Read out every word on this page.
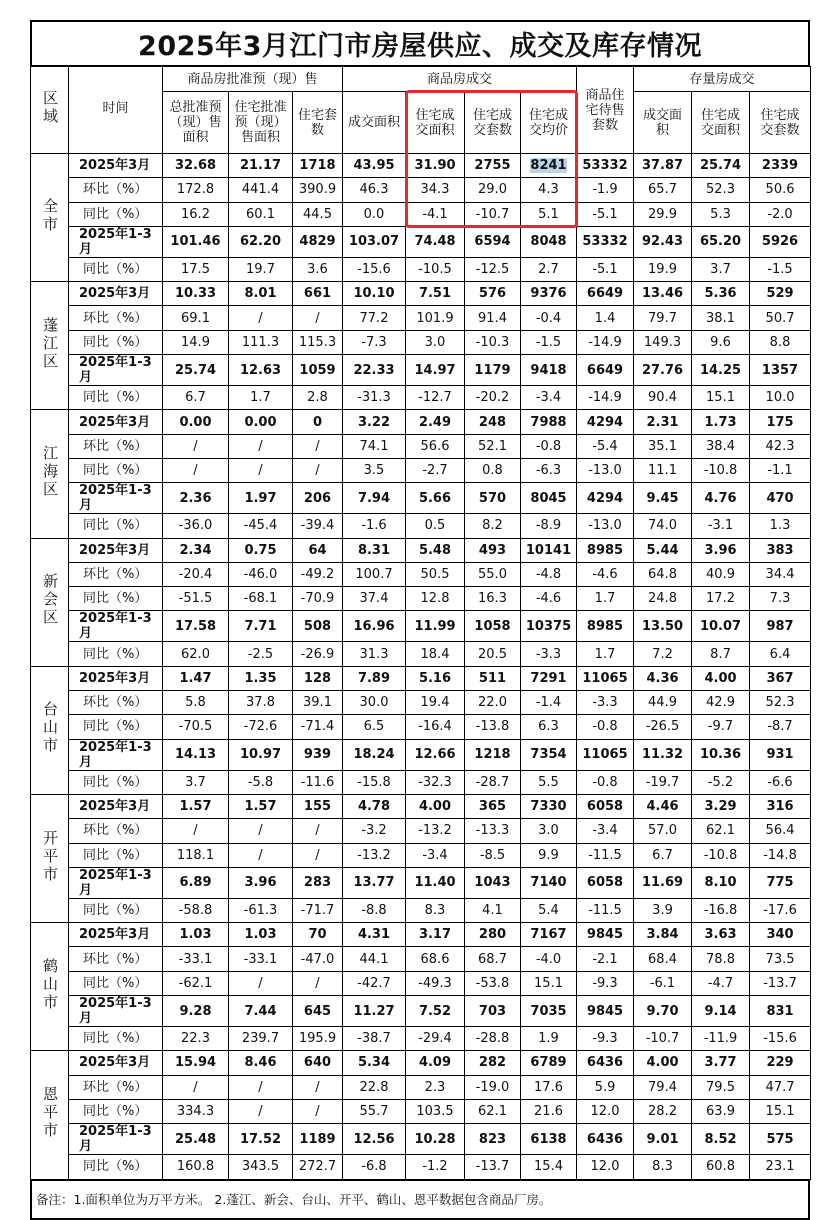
2025年3月江门市房屋供应、成交及库存情况
区域	时间	商品房批准预（现）售			商品房成交				商品住宅待售套数	存量房成交		
		总批准预（现）售面积	住宅批准预（现）售面积	住宅套数	成交面积	住宅成交面积	住宅成交套数	住宅成交均价		成交面积	住宅成交面积	住宅成交套数
全市	2025年3月	32.68	21.17	1718	43.95	31.90	2755	8241	53332	37.87	25.74	2339
	环比（%）	172.8	441.4	390.9	46.3	34.3	29.0	4.3	-1.9	65.7	52.3	50.6
	同比（%）	16.2	60.1	44.5	0.0	-4.1	-10.7	5.1	-5.1	29.9	5.3	-2.0
	2025年1-3月	101.46	62.20	4829	103.07	74.48	6594	8048	53332	92.43	65.20	5926
	同比（%）	17.5	19.7	3.6	-15.6	-10.5	-12.5	2.7	-5.1	19.9	3.7	-1.5
蓬江区	2025年3月	10.33	8.01	661	10.10	7.51	576	9376	6649	13.46	5.36	529
	环比（%）	69.1	/	/	77.2	101.9	91.4	-0.4	1.4	79.7	38.1	50.7
	同比（%）	14.9	111.3	115.3	-7.3	3.0	-10.3	-1.5	-14.9	149.3	9.6	8.8
	2025年1-3月	25.74	12.63	1059	22.33	14.97	1179	9418	6649	27.76	14.25	1357
	同比（%）	6.7	1.7	2.8	-31.3	-12.7	-20.2	-3.4	-14.9	90.4	15.1	10.0
江海区	2025年3月	0.00	0.00	0	3.22	2.49	248	7988	4294	2.31	1.73	175
	环比（%）	/	/	/	74.1	56.6	52.1	-0.8	-5.4	35.1	38.4	42.3
	同比（%）	/	/	/	3.5	-2.7	0.8	-6.3	-13.0	11.1	-10.8	-1.1
	2025年1-3月	2.36	1.97	206	7.94	5.66	570	8045	4294	9.45	4.76	470
	同比（%）	-36.0	-45.4	-39.4	-1.6	0.5	8.2	-8.9	-13.0	74.0	-3.1	1.3
新会区	2025年3月	2.34	0.75	64	8.31	5.48	493	10141	8985	5.44	3.96	383
	环比（%）	-20.4	-46.0	-49.2	100.7	50.5	55.0	-4.8	-4.6	64.8	40.9	34.4
	同比（%）	-51.5	-68.1	-70.9	37.4	12.8	16.3	-4.6	1.7	24.8	17.2	7.3
	2025年1-3月	17.58	7.71	508	16.96	11.99	1058	10375	8985	13.50	10.07	987
	同比（%）	62.0	-2.5	-26.9	31.3	18.4	20.5	-3.3	1.7	7.2	8.7	6.4
台山市	2025年3月	1.47	1.35	128	7.89	5.16	511	7291	11065	4.36	4.00	367
	环比（%）	5.8	37.8	39.1	30.0	19.4	22.0	-1.4	-3.3	44.9	42.9	52.3
	同比（%）	-70.5	-72.6	-71.4	6.5	-16.4	-13.8	6.3	-0.8	-26.5	-9.7	-8.7
	2025年1-3月	14.13	10.97	939	18.24	12.66	1218	7354	11065	11.32	10.36	931
	同比（%）	3.7	-5.8	-11.6	-15.8	-32.3	-28.7	5.5	-0.8	-19.7	-5.2	-6.6
开平市	2025年3月	1.57	1.57	155	4.78	4.00	365	7330	6058	4.46	3.29	316
	环比（%）	/	/	/	-3.2	-13.2	-13.3	3.0	-3.4	57.0	62.1	56.4
	同比（%）	118.1	/	/	-13.2	-3.4	-8.5	9.9	-11.5	6.7	-10.8	-14.8
	2025年1-3月	6.89	3.96	283	13.77	11.40	1043	7140	6058	11.69	8.10	775
	同比（%）	-58.8	-61.3	-71.7	-8.8	8.3	4.1	5.4	-11.5	3.9	-16.8	-17.6
鹤山市	2025年3月	1.03	1.03	70	4.31	3.17	280	7167	9845	3.84	3.63	340
	环比（%）	-33.1	-33.1	-47.0	44.1	68.6	68.7	-4.0	-2.1	68.4	78.8	73.5
	同比（%）	-62.1	/	/	-42.7	-49.3	-53.8	15.1	-9.3	-6.1	-4.7	-13.7
	2025年1-3月	9.28	7.44	645	11.27	7.52	703	7035	9845	9.70	9.14	831
	同比（%）	22.3	239.7	195.9	-38.7	-29.4	-28.8	1.9	-9.3	-10.7	-11.9	-15.6
恩平市	2025年3月	15.94	8.46	640	5.34	4.09	282	6789	6436	4.00	3.77	229
	环比（%）	/	/	/	22.8	2.3	-19.0	17.6	5.9	79.4	79.5	47.7
	同比（%）	334.3	/	/	55.7	103.5	62.1	21.6	12.0	28.2	63.9	15.1
	2025年1-3月	25.48	17.52	1189	12.56	10.28	823	6138	6436	9.01	8.52	575
	同比（%）	160.8	343.5	272.7	-6.8	-1.2	-13.7	15.4	12.0	8.3	60.8	23.1
备注：1.面积单位为万平方米。 2.蓬江、新会、台山、开平、鹤山、恩平数据包含商品厂房。
